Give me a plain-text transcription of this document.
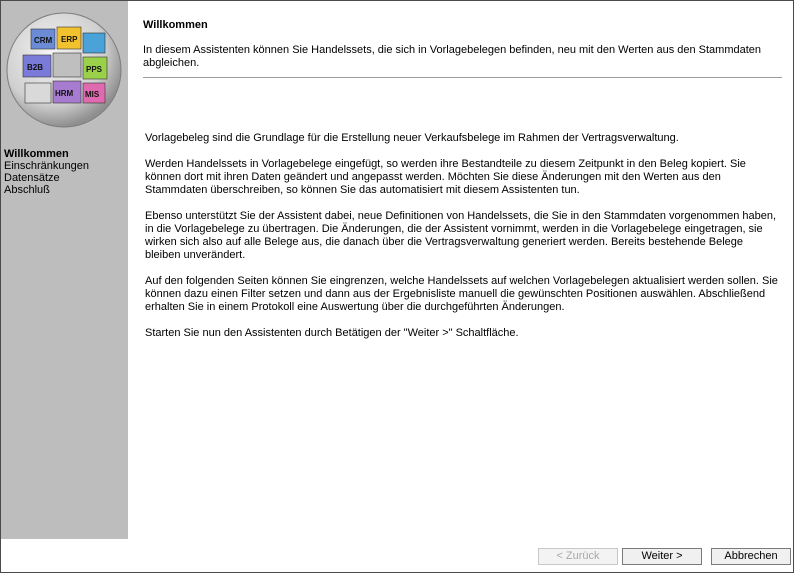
CRM ERP
B2B	PPS
HRM MIS
Willkommen
Einschränkungen
Datensätze
Abschluß
Willkommen
In diesem Assistenten können Sie Handelssets, die sich in Vorlagebelegen befinden, neu mit den Werten aus den Stammdaten abgleichen.

Vorlagebeleg sind die Grundlage für die Erstellung neuer Verkaufsbelege im Rahmen der Vertragsverwaltung.

Werden Handelssets in Vorlagebelege eingefügt, so werden ihre Bestandteile zu diesem Zeitpunkt in den Beleg kopiert. Sie können dort mit ihren Daten geändert und angepasst werden. Möchten Sie diese Änderungen mit den Werten aus den Stammdaten überschreiben, so können Sie das automatisiert mit diesem Assistenten tun.

Ebenso unterstützt Sie der Assistent dabei, neue Definitionen von Handelssets, die Sie in den Stammdaten vorgenommen haben, in die Vorlagebelege zu übertragen. Die Änderungen, die der Assistent vornimmt, werden in die Vorlagebelege eingetragen, sie wirken sich also auf alle Belege aus, die danach über die Vertragsverwaltung generiert werden. Bereits bestehende Belege bleiben unverändert.

Auf den folgenden Seiten können Sie eingrenzen, welche Handelssets auf welchen Vorlagebelegen aktualisiert werden sollen. Sie können dazu einen Filter setzen und dann aus der Ergebnisliste manuell die gewünschten Positionen auswählen. Abschließend erhalten Sie in einem Protokoll eine Auswertung über die durchgeführten Änderungen.

Starten Sie nun den Assistenten durch Betätigen der "Weiter >" Schaltfläche.

< Zurück	Weiter >	Abbrechen
